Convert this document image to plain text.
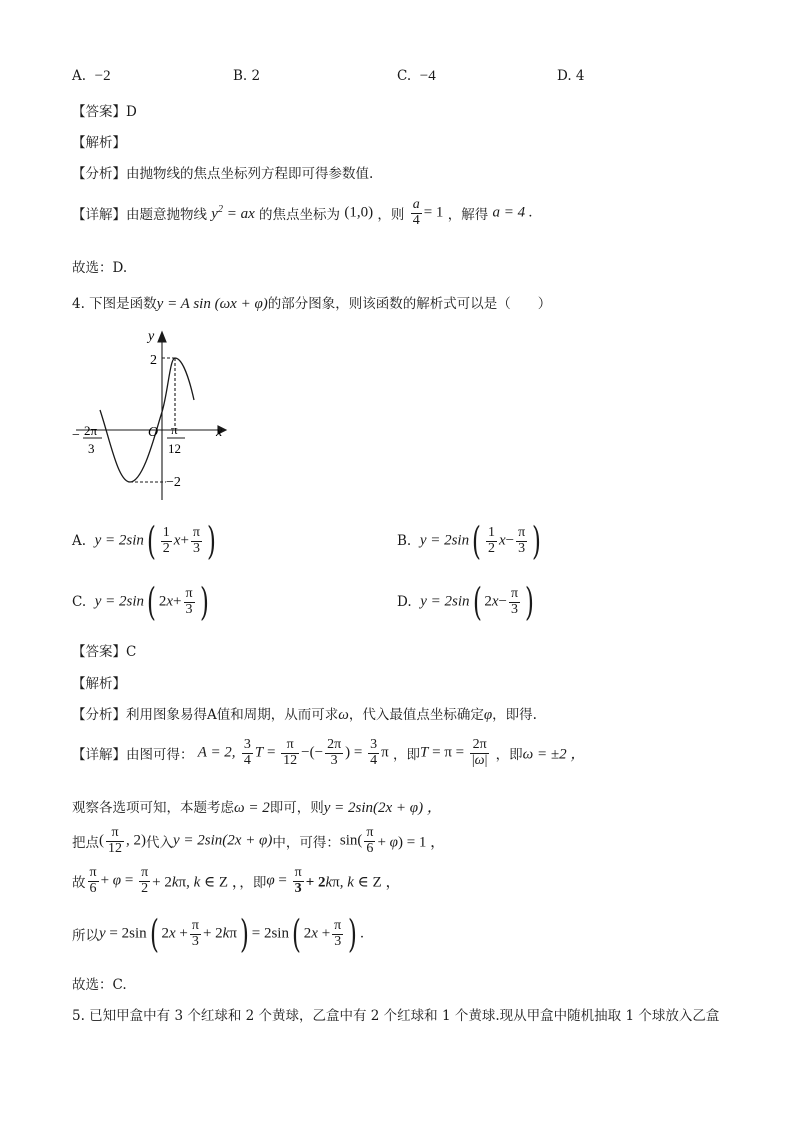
A. −2	B. 2	C. −4	D. 4
【答案】D
【解析】
【分析】由抛物线的焦点坐标列方程即可得参数值.
【详解】由题意抛物线 $y^2$ = ax 的焦点坐标为 (1,0) ，则 $\frac{a}{4} = 1$ ，解得 a = 4 .
故选：D.
4. 下图是函数y = A sin (ωx + φ)的部分图象，则该函数的解析式可以是（　　）
y
x
O
2
−2
− 2π
3
π
12
A. $y = 2\sin( \frac{1}{2} x+ \frac{\pi}{3}$ )	B. $y = 2\sin( \frac{1}{2} x- \frac{\pi}{3}$ )
C. y = 2sin( $2x+ \frac{\pi}{3}$ )	D. y = 2sin( $2x- \frac{\pi}{3}$ )
【答案】C
【解析】
【分析】利用图象易得A值和周期，从而可求ω，代入最值点坐标确定φ，即得.
【详解】由图可得： A = 2, $\frac{3}{4}$ $T = \frac{\pi}{12}$ −(− $\frac{2\pi}{3}$ ) = $\frac{3}{4}$ π ，即$T = \pi = \frac{2\pi}{|\omega|}$ ，即ω = ±2 ，
观察各选项可知，本题考虑ω = 2即可，则y = 2sin(2x + φ) ，
把点( $\frac{\pi}{12}$ , 2)代入y = 2sin(2x + φ)中，可得：$\sin( \frac{\pi}{6} + \varphi) = 1$ ，
故 $\frac{\pi}{6} + \varphi = \frac{\pi}{2} + 2k\pi$, k ∈ Z ，，即$\varphi = \frac{\pi}{3} + 2k\pi$, k ∈ Z ，
所以y = 2sin( $2x + \frac{\pi}{3} + 2k\pi) = 2\sin$( $2x + \frac{\pi}{3}$ ) .
故选：C.
5. 已知甲盒中有 3 个红球和 2 个黄球，乙盒中有 2 个红球和 1 个黄球.现从甲盒中随机抽取 1 个球放入乙盒
